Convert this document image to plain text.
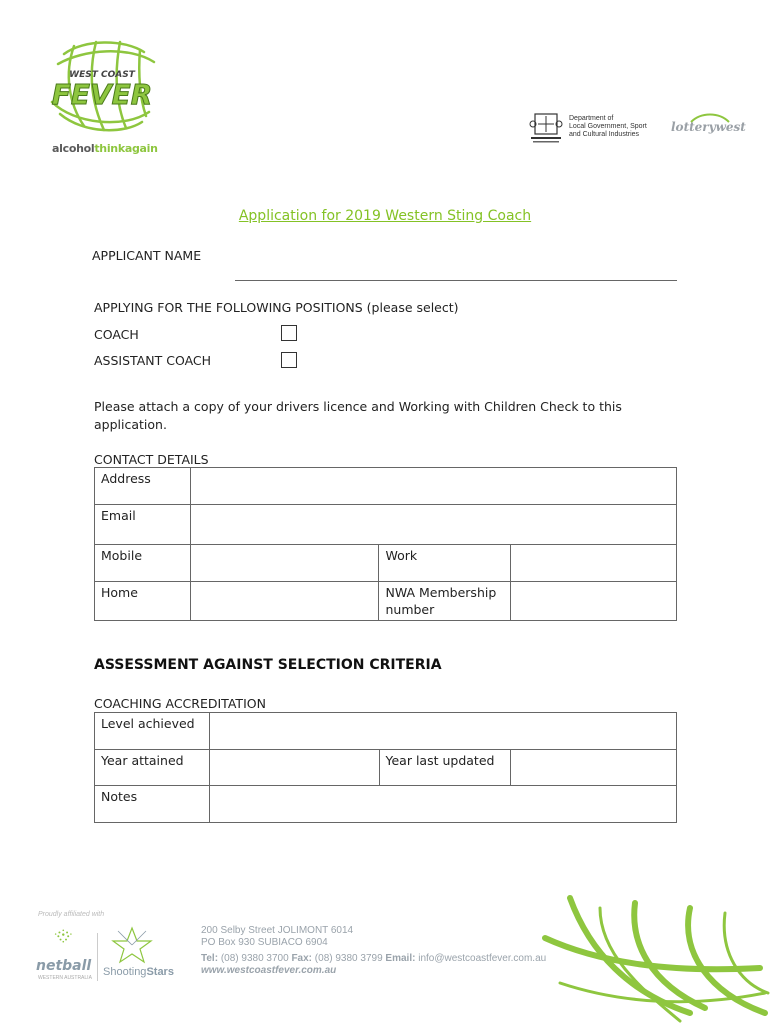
WEST COAST
FEVER
alcoholthinkagain
Department of
Local Government, Sport
and Cultural Industries
lotterywest
Application for 2019 Western Sting Coach
APPLICANT NAME
APPLYING FOR THE FOLLOWING POSITIONS (please select)
COACH
ASSISTANT COACH
Please attach a copy of your drivers licence and Working with Children Check to this application.
CONTACT DETAILS
Address			
Email			
Mobile		Work	
Home		NWA Membership number	
ASSESSMENT AGAINST SELECTION CRITERIA
COACHING ACCREDITATION
Level achieved			
Year attained		Year last updated	
Notes			
Proudly affiliated with
netball
WESTERN AUSTRALIA ShootingStars
200 Selby Street JOLIMONT 6014
PO Box 930 SUBIACO 6904
Tel: (08) 9380 3700 Fax: (08) 9380 3799 Email: info@westcoastfever.com.au
www.westcoastfever.com.au
